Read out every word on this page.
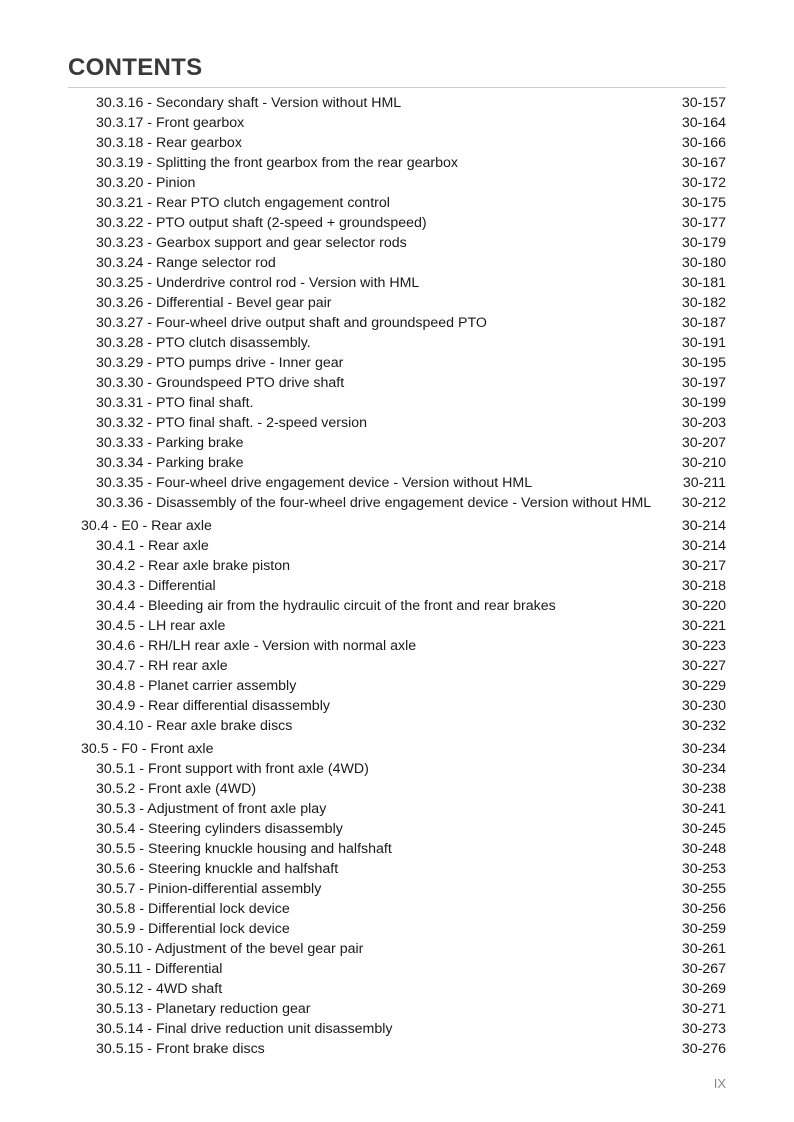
CONTENTS
30.3.16 - Secondary shaft - Version without HML	30-157
30.3.17 - Front gearbox	30-164
30.3.18 - Rear gearbox	30-166
30.3.19 - Splitting the front gearbox from the rear gearbox	30-167
30.3.20 - Pinion	30-172
30.3.21 - Rear PTO clutch engagement control	30-175
30.3.22 - PTO output shaft (2-speed + groundspeed)	30-177
30.3.23 - Gearbox support and gear selector rods	30-179
30.3.24 - Range selector rod	30-180
30.3.25 - Underdrive control rod - Version with HML	30-181
30.3.26 - Differential - Bevel gear pair	30-182
30.3.27 - Four-wheel drive output shaft and groundspeed PTO	30-187
30.3.28 - PTO clutch disassembly.	30-191
30.3.29 - PTO pumps drive - Inner gear	30-195
30.3.30 - Groundspeed PTO drive shaft	30-197
30.3.31 - PTO final shaft.	30-199
30.3.32 - PTO final shaft. - 2-speed version	30-203
30.3.33 - Parking brake	30-207
30.3.34 - Parking brake	30-210
30.3.35 - Four-wheel drive engagement device - Version without HML	30-211
30.3.36 - Disassembly of the four-wheel drive engagement device - Version without HML 30-212
30.4 - E0 - Rear axle	30-214
30.4.1 - Rear axle	30-214
30.4.2 - Rear axle brake piston	30-217
30.4.3 - Differential	30-218
30.4.4 - Bleeding air from the hydraulic circuit of the front and rear brakes	30-220
30.4.5 - LH rear axle	30-221
30.4.6 - RH/LH rear axle - Version with normal axle	30-223
30.4.7 - RH rear axle	30-227
30.4.8 - Planet carrier assembly	30-229
30.4.9 - Rear differential disassembly	30-230
30.4.10 - Rear axle brake discs	30-232
30.5 - F0 - Front axle	30-234
30.5.1 - Front support with front axle (4WD)	30-234
30.5.2 - Front axle (4WD)	30-238
30.5.3 - Adjustment of front axle play	30-241
30.5.4 - Steering cylinders disassembly	30-245
30.5.5 - Steering knuckle housing and halfshaft	30-248
30.5.6 - Steering knuckle and halfshaft	30-253
30.5.7 - Pinion-differential assembly	30-255
30.5.8 - Differential lock device	30-256
30.5.9 - Differential lock device	30-259
30.5.10 - Adjustment of the bevel gear pair	30-261
30.5.11 - Differential	30-267
30.5.12 - 4WD shaft	30-269
30.5.13 - Planetary reduction gear	30-271
30.5.14 - Final drive reduction unit disassembly	30-273
30.5.15 - Front brake discs	30-276
IX
